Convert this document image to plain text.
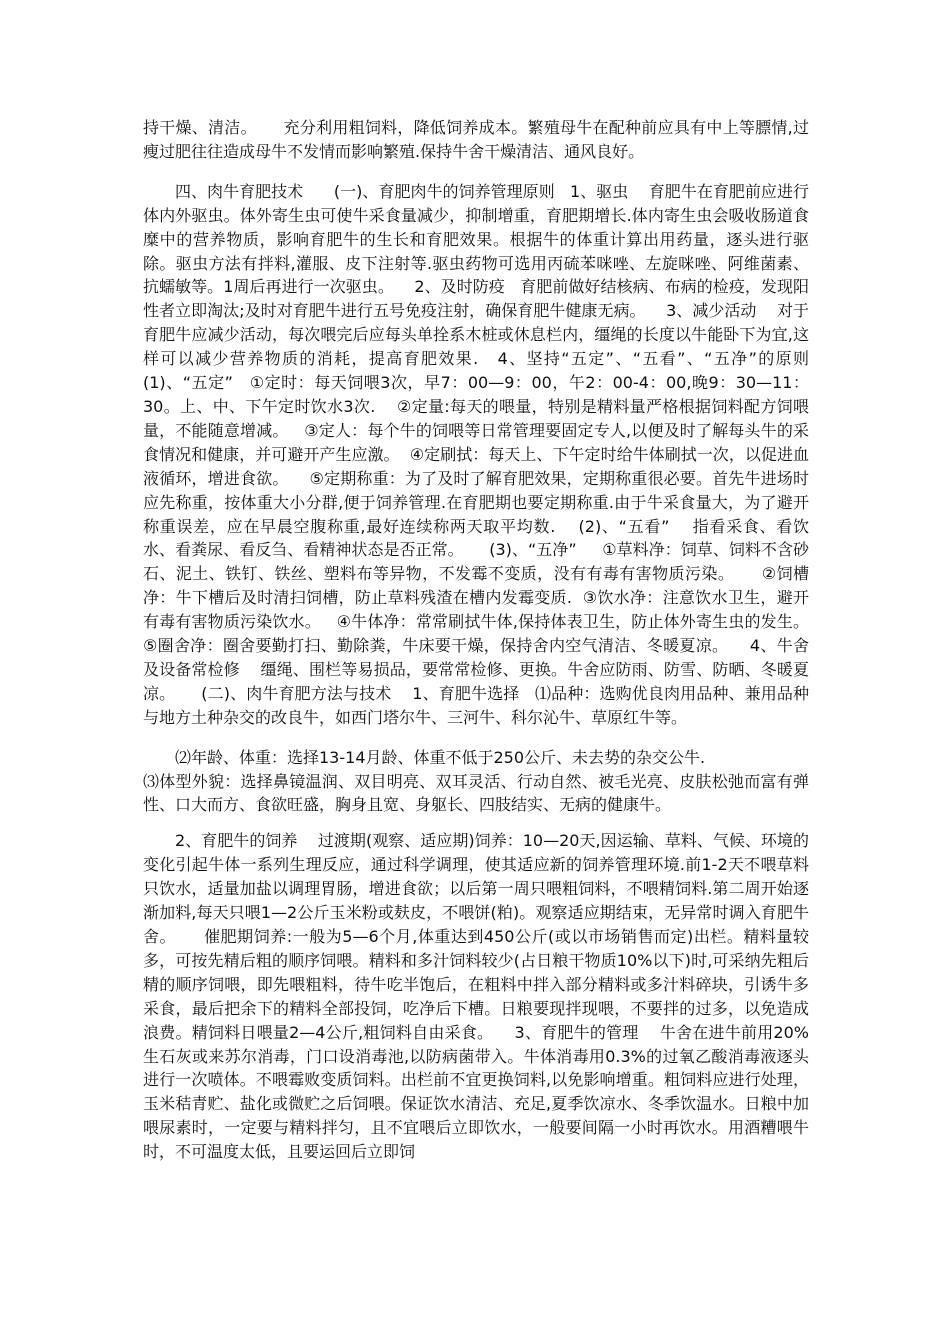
持干燥、清洁。     充分利用粗饲料，降低饲养成本。繁殖母牛在配种前应具有中上等膘情,过瘦过肥往往造成母牛不发情而影响繁殖.保持牛舍干燥清洁、通风良好。

四、肉牛育肥技术      (一)、育肥肉牛的饲养管理原则   1、驱虫    育肥牛在育肥前应进行体内外驱虫。体外寄生虫可使牛采食量减少，抑制增重，育肥期增长.体内寄生虫会吸收肠道食糜中的营养物质，影响育肥牛的生长和育肥效果。根据牛的体重计算出用药量，逐头进行驱除。驱虫方法有拌料,灌服、皮下注射等.驱虫药物可选用丙硫苯咪唑、左旋咪唑、阿维菌素、抗蠕敏等。1周后再进行一次驱虫。    2、及时防疫   育肥前做好结核病、布病的检疫，发现阳性者立即淘汰;及时对育肥牛进行五号免疫注射，确保育肥牛健康无病。    3、减少活动    对于育肥牛应减少活动，每次喂完后应每头单拴系木桩或休息栏内，缰绳的长度以牛能卧下为宜,这样可以减少营养物质的消耗，提高育肥效果.   4、坚持“五定”、“五看”、“五净”的原则    (1)、“五定”   ①定时：每天饲喂3次，早7：00—9：00，午2：00-4：00,晚9：30—11：30。上、中、下午定时饮水3次.    ②定量:每天的喂量，特别是精料量严格根据饲料配方饲喂量，不能随意增减。   ③定人：每个牛的饲喂等日常管理要固定专人,以便及时了解每头牛的采食情况和健康，并可避开产生应激。  ④定刷拭：每天上、下午定时给牛体刷拭一次，以促进血液循环，增进食欲。    ⑤定期称重：为了及时了解育肥效果，定期称重很必要。首先牛进场时应先称重，按体重大小分群,便于饲养管理.在育肥期也要定期称重.由于牛采食量大，为了避开称重误差，应在早晨空腹称重,最好连续称两天取平均数.    (2)、“五看”    指看采食、看饮水、看粪尿、看反刍、看精神状态是否正常。     (3)、“五净”     ①草料净：饲草、饲料不含砂石、泥土、铁钉、铁丝、塑料布等异物，不发霉不变质，没有有毒有害物质污染。     ②饲槽净：牛下槽后及时清扫饲槽，防止草料残渣在槽内发霉变质.  ③饮水净：注意饮水卫生，避开有毒有害物质污染饮水。   ④牛体净：常常刷拭牛体,保持体表卫生，防止体外寄生虫的发生。⑤圈舍净：圈舍要勤打扫、勤除粪，牛床要干燥，保持舍内空气清洁、冬暖夏凉。    4、牛舍及设备常检修    缰绳、围栏等易损品，要常常检修、更换。牛舍应防雨、防雪、防晒、冬暖夏凉。     (二)、肉牛育肥方法与技术    1、育肥牛选择   ⑴品种：选购优良肉用品种、兼用品种与地方土种杂交的改良牛，如西门塔尔牛、三河牛、科尔沁牛、草原红牛等。

⑵年龄、体重：选择13-14月龄、体重不低于250公斤、未去势的杂交公牛.

⑶体型外貌：选择鼻镜温润、双目明亮、双耳灵活、行动自然、被毛光亮、皮肤松弛而富有弹性、口大而方、食欲旺盛，胸身且宽、身躯长、四肢结实、无病的健康牛。

2、育肥牛的饲养    过渡期(观察、适应期)饲养：10—20天,因运输、草料、气候、环境的变化引起牛体一系列生理反应，通过科学调理，使其适应新的饲养管理环境.前1-2天不喂草料只饮水，适量加盐以调理胃肠，增进食欲；以后第一周只喂粗饲料，不喂精饲料.第二周开始逐渐加料,每天只喂1—2公斤玉米粉或麸皮，不喂饼(粕)。观察适应期结束，无异常时调入育肥牛舍。     催肥期饲养:一般为5—6个月,体重达到450公斤(或以市场销售而定)出栏。精料量较多，可按先精后粗的顺序饲喂。精料和多汁饲料较少(占日粮干物质10%以下)时,可采纳先粗后精的顺序饲喂，即先喂粗料，待牛吃半饱后，在粗料中拌入部分精料或多汁料碎块，引诱牛多采食，最后把余下的精料全部投饲，吃净后下槽。日粮要现拌现喂，不要拌的过多，以免造成浪费。精饲料日喂量2—4公斤,粗饲料自由采食。    3、育肥牛的管理    牛舍在进牛前用20%生石灰或来苏尔消毒，门口设消毒池,以防病菌带入。牛体消毒用0.3%的过氧乙酸消毒液逐头进行一次喷体。不喂霉败变质饲料。出栏前不宜更换饲料,以免影响增重。粗饲料应进行处理，玉米秸青贮、盐化或微贮之后饲喂。保证饮水清洁、充足,夏季饮凉水、冬季饮温水。日粮中加喂尿素时，一定要与精料拌匀，且不宜喂后立即饮水，一般要间隔一小时再饮水。用酒糟喂牛时，不可温度太低，且要运回后立即饲
